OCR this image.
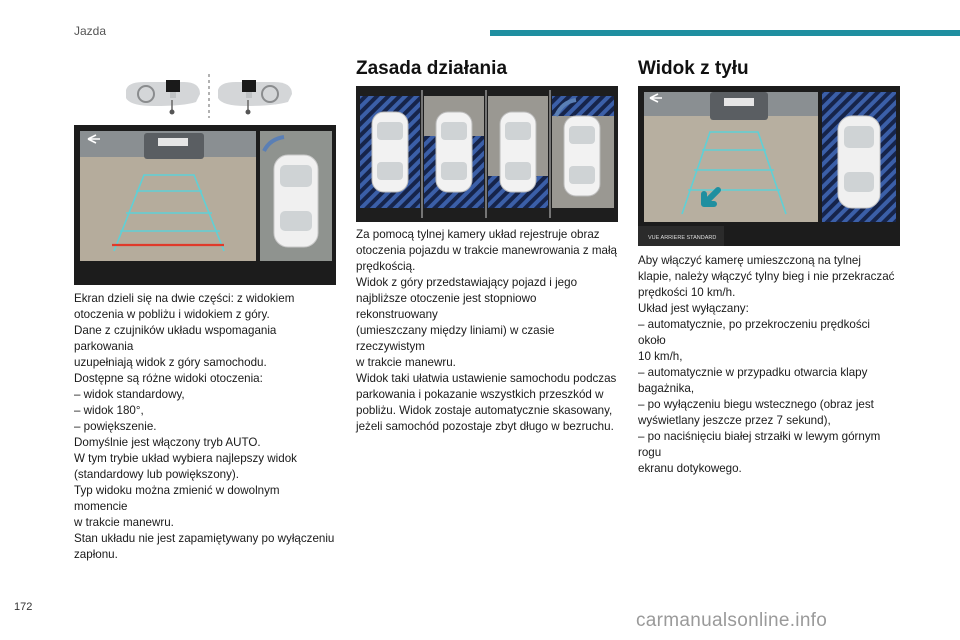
Jazda
Ekran dzieli się na dwie części: z widokiem
otoczenia w pobliżu i widokiem z góry.
Dane z czujników układu wspomagania parkowania
uzupełniają widok z góry samochodu.
Dostępne są różne widoki otoczenia:
– widok standardowy,
– widok 180°,
– powiększenie.
Domyślnie jest włączony tryb AUTO.
W tym trybie układ wybiera najlepszy widok
(standardowy lub powiększony).
Typ widoku można zmienić w dowolnym momencie
w trakcie manewru.
Stan układu nie jest zapamiętywany po wyłączeniu
zapłonu.
Zasada działania
Za pomocą tylnej kamery układ rejestruje obraz
otoczenia pojazdu w trakcie manewrowania z małą
prędkością.
Widok z góry przedstawiający pojazd i jego
najbliższe otoczenie jest stopniowo rekonstruowany
(umieszczany między liniami) w czasie rzeczywistym
w trakcie manewru.
Widok taki ułatwia ustawienie samochodu podczas
parkowania i pokazanie wszystkich przeszkód w
pobliżu. Widok zostaje automatycznie skasowany,
jeżeli samochód pozostaje zbyt długo w bezruchu.
Widok z tyłu
VUE ARRIERE STANDARD
Aby włączyć kamerę umieszczoną na tylnej
klapie, należy włączyć tylny bieg i nie przekraczać
prędkości 10 km/h.
Układ jest wyłączany:
– automatycznie, po przekroczeniu prędkości około
10 km/h,
– automatycznie w przypadku otwarcia klapy
bagażnika,
– po wyłączeniu biegu wstecznego (obraz jest
wyświetlany jeszcze przez 7 sekund),
– po naciśnięciu białej strzałki w lewym górnym rogu
ekranu dotykowego.
172
carmanualsonline.info
